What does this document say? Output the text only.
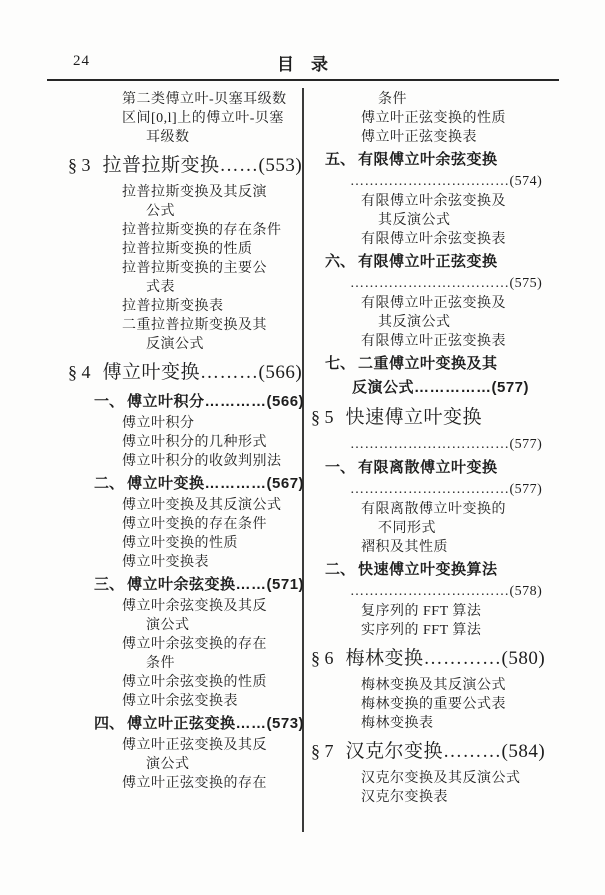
24	目　录
第二类傅立叶-贝塞耳级数
区间[0,l]上的傅立叶-贝塞
耳级数
§ 3 拉普拉斯变换……(553)
拉普拉斯变换及其反演
公式
拉普拉斯变换的存在条件
拉普拉斯变换的性质
拉普拉斯变换的主要公
式表
拉普拉斯变换表
二重拉普拉斯变换及其
反演公式
§ 4 傅立叶变换………(566)
一、 傅立叶积分…………(566)
傅立叶积分
傅立叶积分的几种形式
傅立叶积分的收敛判别法
二、 傅立叶变换…………(567)
傅立叶变换及其反演公式
傅立叶变换的存在条件
傅立叶变换的性质
傅立叶变换表
三、 傅立叶余弦变换……(571)
傅立叶余弦变换及其反
演公式
傅立叶余弦变换的存在
条件
傅立叶余弦变换的性质
傅立叶余弦变换表
四、 傅立叶正弦变换……(573)
傅立叶正弦变换及其反
演公式
傅立叶正弦变换的存在
条件
傅立叶正弦变换的性质
傅立叶正弦变换表
五、 有限傅立叶余弦变换
……………………………(574)
有限傅立叶余弦变换及
其反演公式
有限傅立叶余弦变换表
六、 有限傅立叶正弦变换
……………………………(575)
有限傅立叶正弦变换及
其反演公式
有限傅立叶正弦变换表
七、 二重傅立叶变换及其
反演公式……………(577)
§ 5 快速傅立叶变换
……………………………(577)
一、 有限离散傅立叶变换
……………………………(577)
有限离散傅立叶变换的
不同形式
褶积及其性质
二、 快速傅立叶变换算法
……………………………(578)
复序列的 FFT 算法
实序列的 FFT 算法
§ 6 梅林变换…………(580)
梅林变换及其反演公式
梅林变换的重要公式表
梅林变换表
§ 7 汉克尔变换………(584)
汉克尔变换及其反演公式
汉克尔变换表
